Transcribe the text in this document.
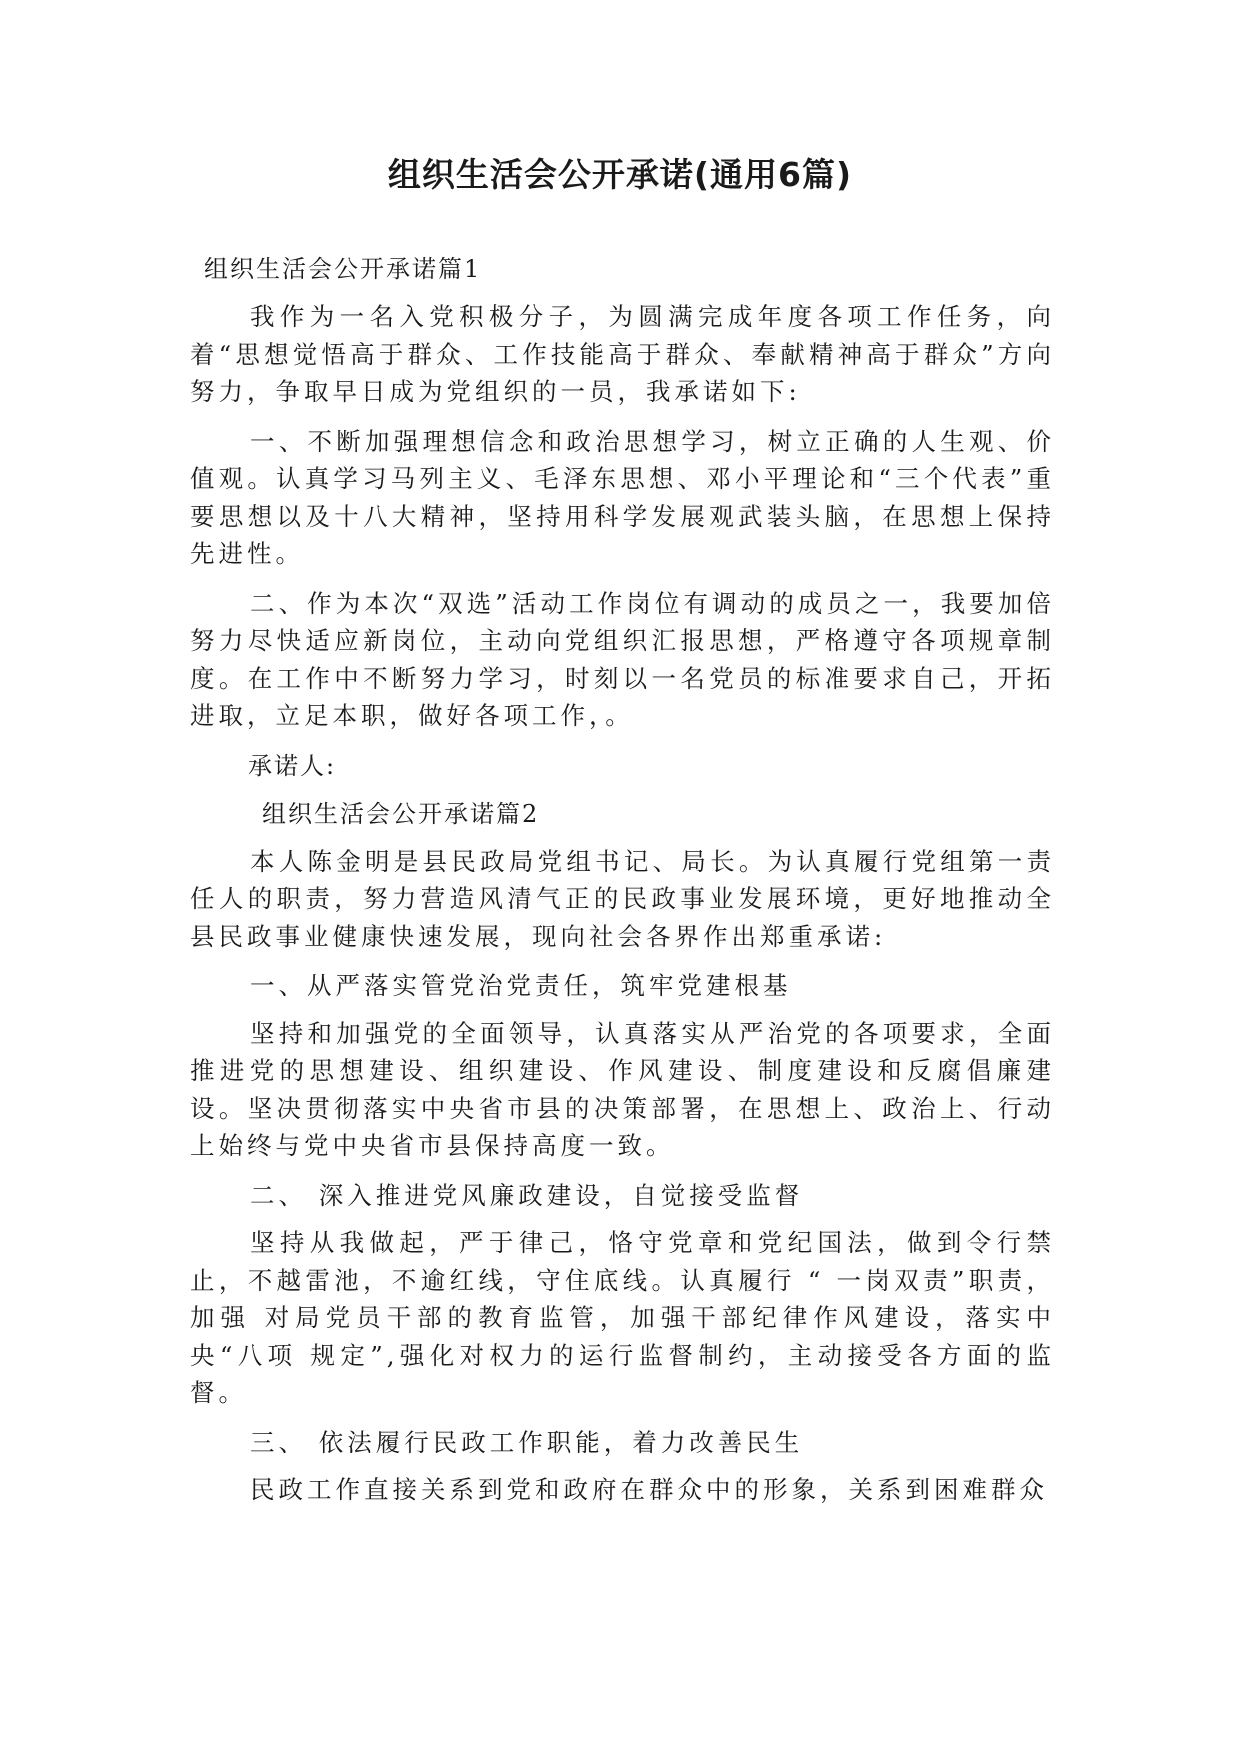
组织生活会公开承诺(通用6篇)
组织生活会公开承诺篇1

我作为一名入党积极分子，为圆满完成年度各项工作任务，向着“思想觉悟高于群众、工作技能高于群众、奉献精神高于群众”方向努力，争取早日成为党组织的一员，我承诺如下:

一、不断加强理想信念和政治思想学习，树立正确的人生观、价值观。认真学习马列主义、毛泽东思想、邓小平理论和“三个代表”重要思想以及十八大精神，坚持用科学发展观武装头脑，在思想上保持先进性。

二、作为本次“双选”活动工作岗位有调动的成员之一，我要加倍努力尽快适应新岗位，主动向党组织汇报思想，严格遵守各项规章制度。在工作中不断努力学习，时刻以一名党员的标准要求自己，开拓进取，立足本职，做好各项工作，。

承诺人:
组织生活会公开承诺篇2

本人陈金明是县民政局党组书记、局长。为认真履行党组第一责任人的职责，努力营造风清气正的民政事业发展环境，更好地推动全县民政事业健康快速发展，现向社会各界作出郑重承诺:

一、从严落实管党治党责任，筑牢党建根基

坚持和加强党的全面领导，认真落实从严治党的各项要求，全面推进党的思想建设、组织建设、作风建设、制度建设和反腐倡廉建设。坚决贯彻落实中央省市县的决策部署，在思想上、政治上、行动上始终与党中央省市县保持高度一致。

二、 深入推进党风廉政建设，自觉接受监督

坚持从我做起，严于律己，恪守党章和党纪国法，做到令行禁止，不越雷池，不逾红线，守住底线。认真履行 “ 一岗双责”职责，加强 对局党员干部的教育监管，加强干部纪律作风建设，落实中央“八项 规定”,强化对权力的运行监督制约，主动接受各方面的监督。

三、 依法履行民政工作职能，着力改善民生

民政工作直接关系到党和政府在群众中的形象，关系到困难群众
